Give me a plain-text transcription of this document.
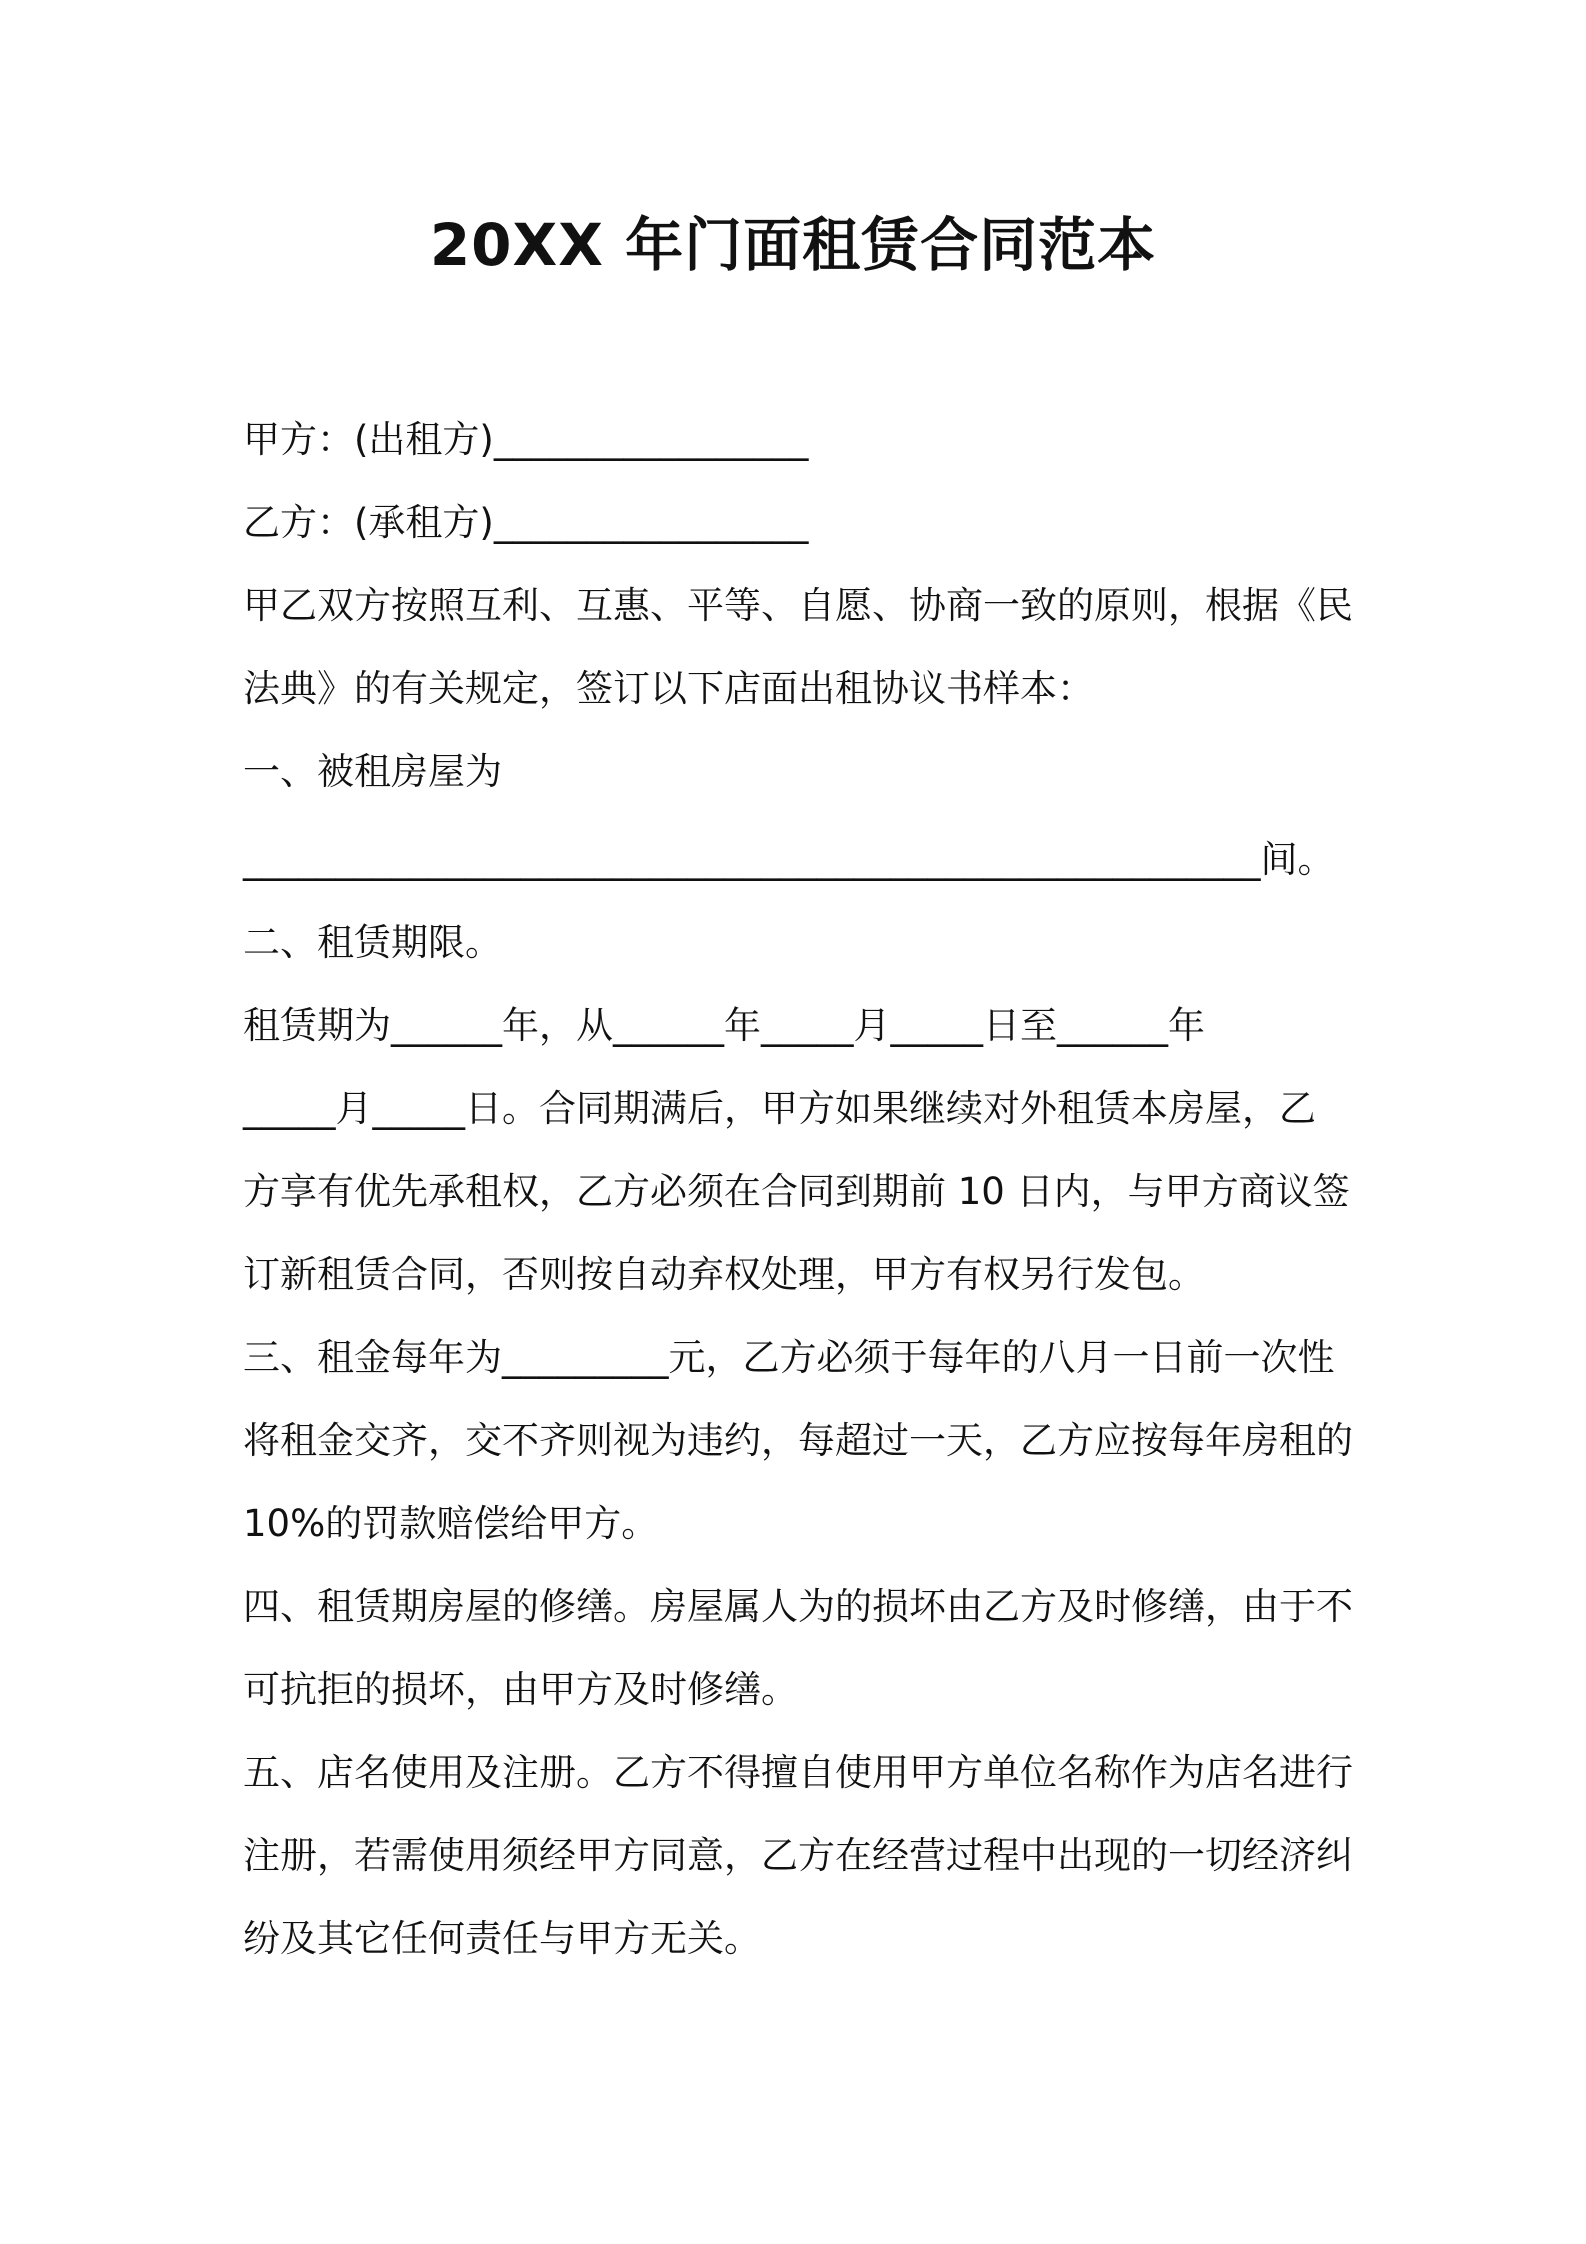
20XX 年门面租赁合同范本
甲方：(出租方)_________________
乙方：(承租方)_________________
甲乙双方按照互利、互惠、平等、自愿、协商一致的原则，根据《民
法典》的有关规定，签订以下店面出租协议书样本：
一、被租房屋为
_______________________________________________________间。
二、租赁期限。
租赁期为______年，从______年_____月_____日至______年
_____月_____日。合同期满后，甲方如果继续对外租赁本房屋，乙
方享有优先承租权，乙方必须在合同到期前 10 日内，与甲方商议签
订新租赁合同，否则按自动弃权处理，甲方有权另行发包。
三、租金每年为_________元，乙方必须于每年的八月一日前一次性
将租金交齐，交不齐则视为违约，每超过一天，乙方应按每年房租的
10%的罚款赔偿给甲方。
四、租赁期房屋的修缮。房屋属人为的损坏由乙方及时修缮，由于不
可抗拒的损坏，由甲方及时修缮。
五、店名使用及注册。乙方不得擅自使用甲方单位名称作为店名进行
注册，若需使用须经甲方同意，乙方在经营过程中出现的一切经济纠
纷及其它任何责任与甲方无关。
